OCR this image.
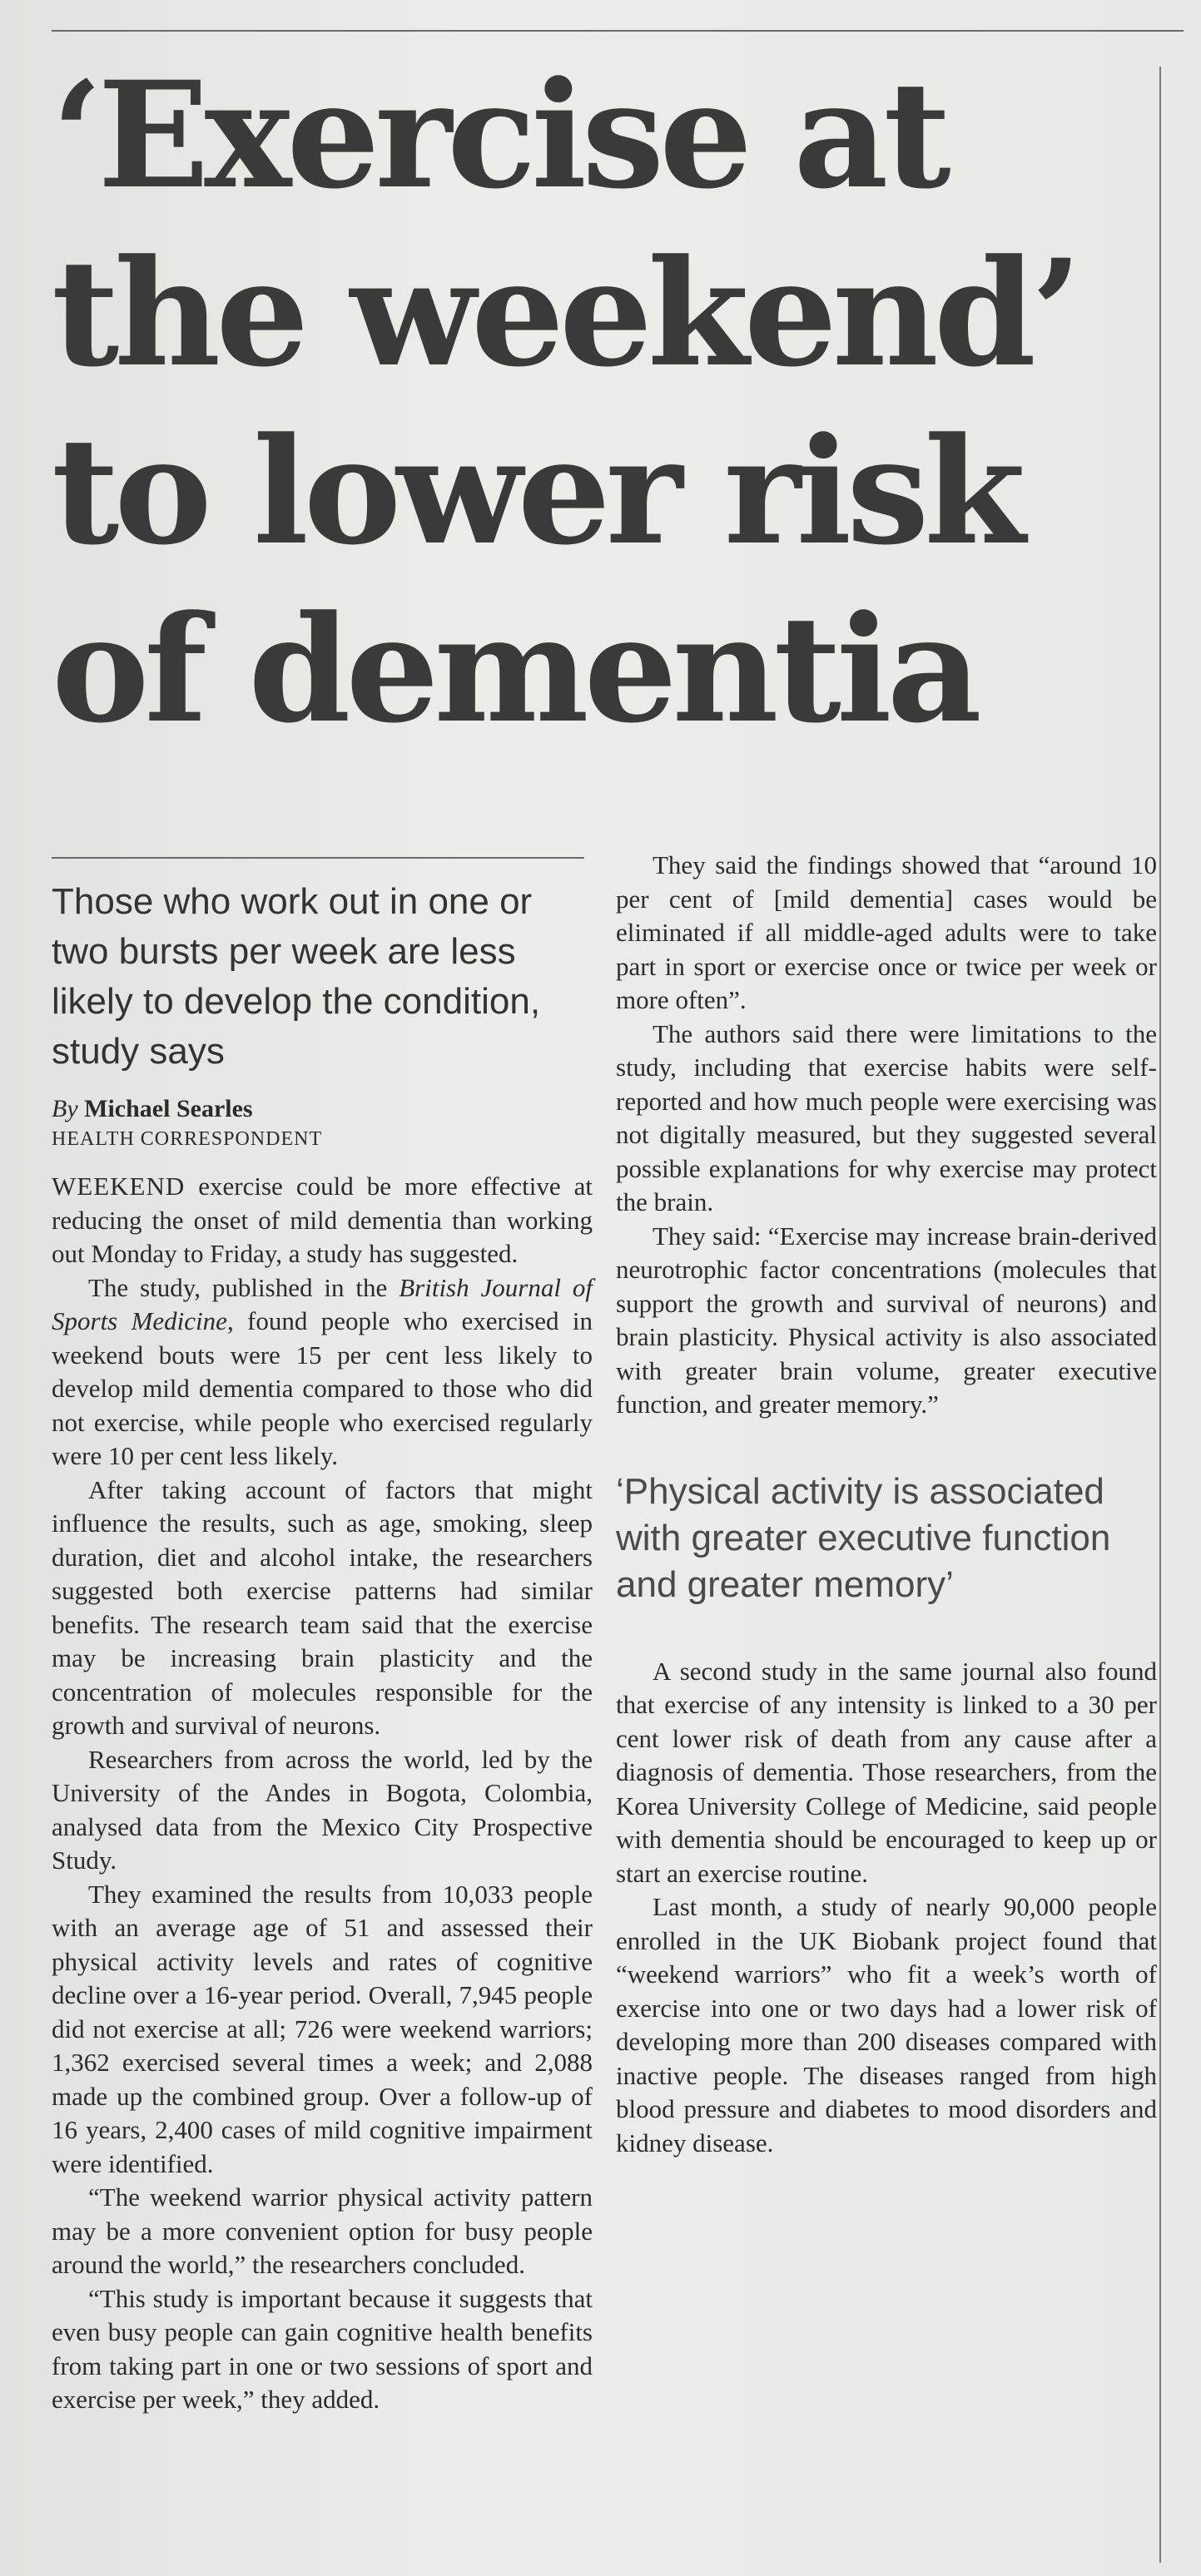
‘Exercise at
the weekend’
to lower risk
of dementia

Those who work out in one or two bursts per week are less likely to develop the condition, study says

By Michael Searles

HEALTH CORRESPONDENT

WEEKEND exercise could be more effective at reducing the onset of mild dementia than working out Monday to Friday, a study has suggested.

The study, published in the British Journal of Sports Medicine, found people who exercised in weekend bouts were 15 per cent less likely to develop mild dementia compared to those who did not exercise, while people who exercised regularly were 10 per cent less likely.

After taking account of factors that might influence the results, such as age, smoking, sleep duration, diet and alcohol intake, the researchers suggested both exercise patterns had similar benefits. The research team said that the exercise may be increasing brain plasticity and the concentration of molecules responsible for the growth and survival of neurons.

Researchers from across the world, led by the University of the Andes in Bogota, Colombia, analysed data from the Mexico City Prospective Study.

They examined the results from 10,033 people with an average age of 51 and assessed their physical activity levels and rates of cognitive decline over a 16-year period. Overall, 7,945 people did not exercise at all; 726 were weekend warriors; 1,362 exercised several times a week; and 2,088 made up the combined group. Over a follow-up of 16 years, 2,400 cases of mild cognitive impairment were identified.

“The weekend warrior physical activity pattern may be a more convenient option for busy people around the world,” the researchers concluded.

“This study is important because it suggests that even busy people can gain cognitive health benefits from taking part in one or two sessions of sport and exercise per week,” they added.

They said the findings showed that “around 10 per cent of [mild dementia] cases would be eliminated if all middle-aged adults were to take part in sport or exercise once or twice per week or more often”.

The authors said there were limitations to the study, including that exercise habits were self-reported and how much people were exercising was not digitally measured, but they suggested several possible explanations for why exercise may protect the brain.

They said: “Exercise may increase brain-derived neurotrophic factor concentrations (molecules that support the growth and survival of neurons) and brain plasticity. Physical activity is also associated with greater brain volume, greater executive function, and greater memory.”

‘Physical activity is associated with greater executive function and greater memory’

A second study in the same journal also found that exercise of any intensity is linked to a 30 per cent lower risk of death from any cause after a diagnosis of dementia. Those researchers, from the Korea University College of Medicine, said people with dementia should be encouraged to keep up or start an exercise routine.

Last month, a study of nearly 90,000 people enrolled in the UK Biobank project found that “weekend warriors” who fit a week’s worth of exercise into one or two days had a lower risk of developing more than 200 diseases compared with inactive people. The diseases ranged from high blood pressure and diabetes to mood disorders and kidney disease.
